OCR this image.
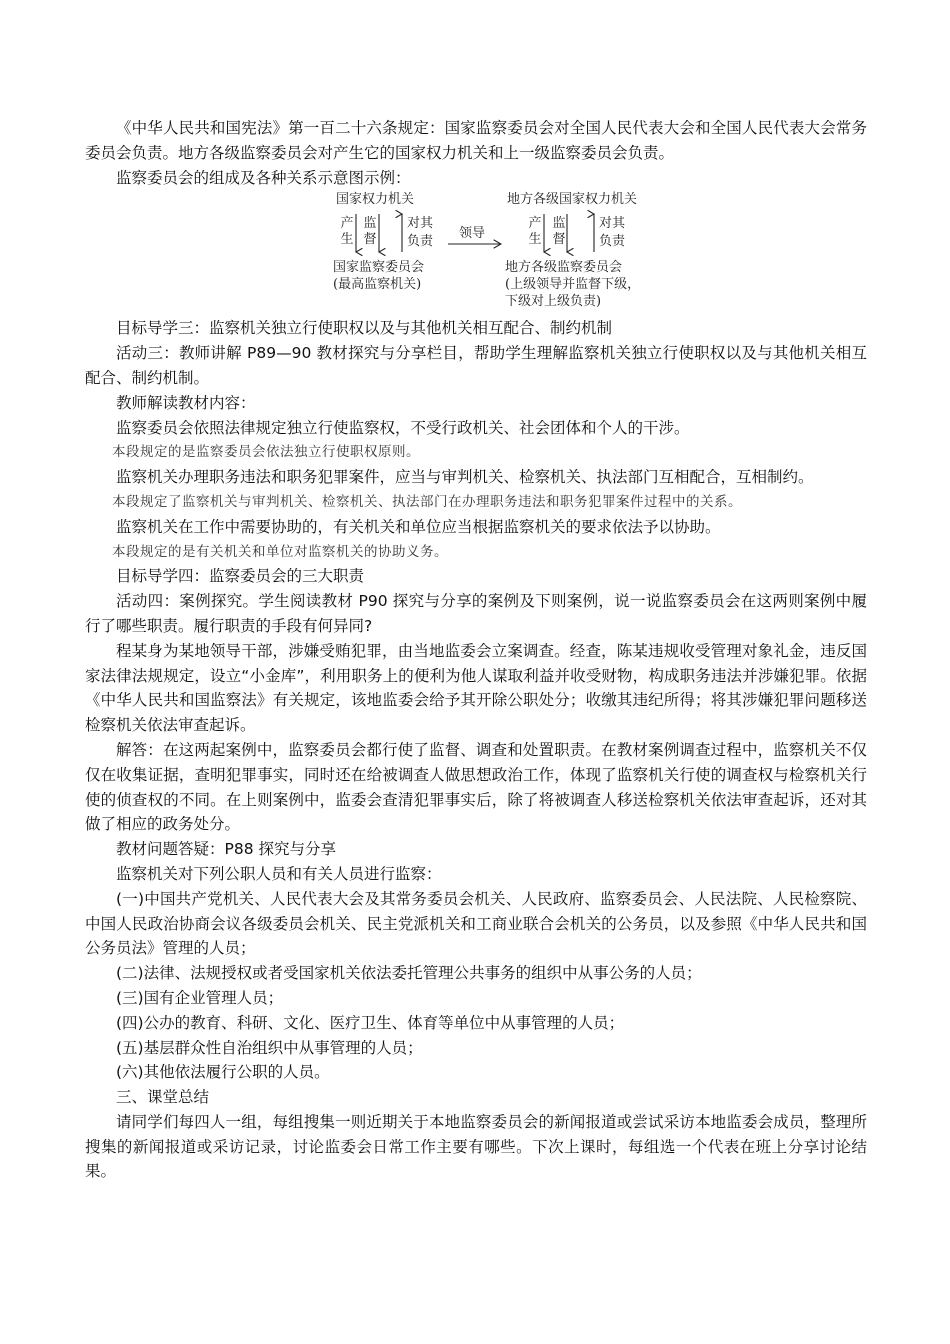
《中华人民共和国宪法》第一百二十六条规定：国家监察委员会对全国人民代表大会和全国人民代表大会常务委员会负责。地方各级监察委员会对产生它的国家权力机关和上一级监察委员会负责。

监察委员会的组成及各种关系示意图示例：

国家权力机关
产生
监督
对其
负责
领导
国家监察委员会
(最高监察机关)
地方各级国家权力机关
产生
监督
对其
负责
地方各级监察委员会
(上级领导并监督下级，
下级对上级负责)

目标导学三：监察机关独立行使职权以及与其他机关相互配合、制约机制

活动三：教师讲解 P89—90 教材探究与分享栏目，帮助学生理解监察机关独立行使职权以及与其他机关相互配合、制约机制。

教师解读教材内容：

监察委员会依照法律规定独立行使监察权，不受行政机关、社会团体和个人的干涉。

本段规定的是监察委员会依法独立行使职权原则。

监察机关办理职务违法和职务犯罪案件，应当与审判机关、检察机关、执法部门互相配合，互相制约。

本段规定了监察机关与审判机关、检察机关、执法部门在办理职务违法和职务犯罪案件过程中的关系。

监察机关在工作中需要协助的，有关机关和单位应当根据监察机关的要求依法予以协助。

本段规定的是有关机关和单位对监察机关的协助义务。

目标导学四：监察委员会的三大职责

活动四：案例探究。学生阅读教材 P90 探究与分享的案例及下则案例，说一说监察委员会在这两则案例中履行了哪些职责。履行职责的手段有何异同?

程某身为某地领导干部，涉嫌受贿犯罪，由当地监委会立案调查。经查，陈某违规收受管理对象礼金，违反国家法律法规规定，设立“小金库”，利用职务上的便利为他人谋取利益并收受财物，构成职务违法并涉嫌犯罪。依据《中华人民共和国监察法》有关规定，该地监委会给予其开除公职处分；收缴其违纪所得；将其涉嫌犯罪问题移送检察机关依法审查起诉。

解答：在这两起案例中，监察委员会都行使了监督、调查和处置职责。在教材案例调查过程中，监察机关不仅仅在收集证据，查明犯罪事实，同时还在给被调查人做思想政治工作，体现了监察机关行使的调查权与检察机关行使的侦查权的不同。在上则案例中，监委会查清犯罪事实后，除了将被调查人移送检察机关依法审查起诉，还对其做了相应的政务处分。

教材问题答疑：P88 探究与分享

监察机关对下列公职人员和有关人员进行监察：

(一)中国共产党机关、人民代表大会及其常务委员会机关、人民政府、监察委员会、人民法院、人民检察院、中国人民政治协商会议各级委员会机关、民主党派机关和工商业联合会机关的公务员，以及参照《中华人民共和国公务员法》管理的人员；

(二)法律、法规授权或者受国家机关依法委托管理公共事务的组织中从事公务的人员；

(三)国有企业管理人员；

(四)公办的教育、科研、文化、医疗卫生、体育等单位中从事管理的人员；

(五)基层群众性自治组织中从事管理的人员；

(六)其他依法履行公职的人员。

三、课堂总结

请同学们每四人一组，每组搜集一则近期关于本地监察委员会的新闻报道或尝试采访本地监委会成员，整理所搜集的新闻报道或采访记录，讨论监委会日常工作主要有哪些。下次上课时，每组选一个代表在班上分享讨论结果。
